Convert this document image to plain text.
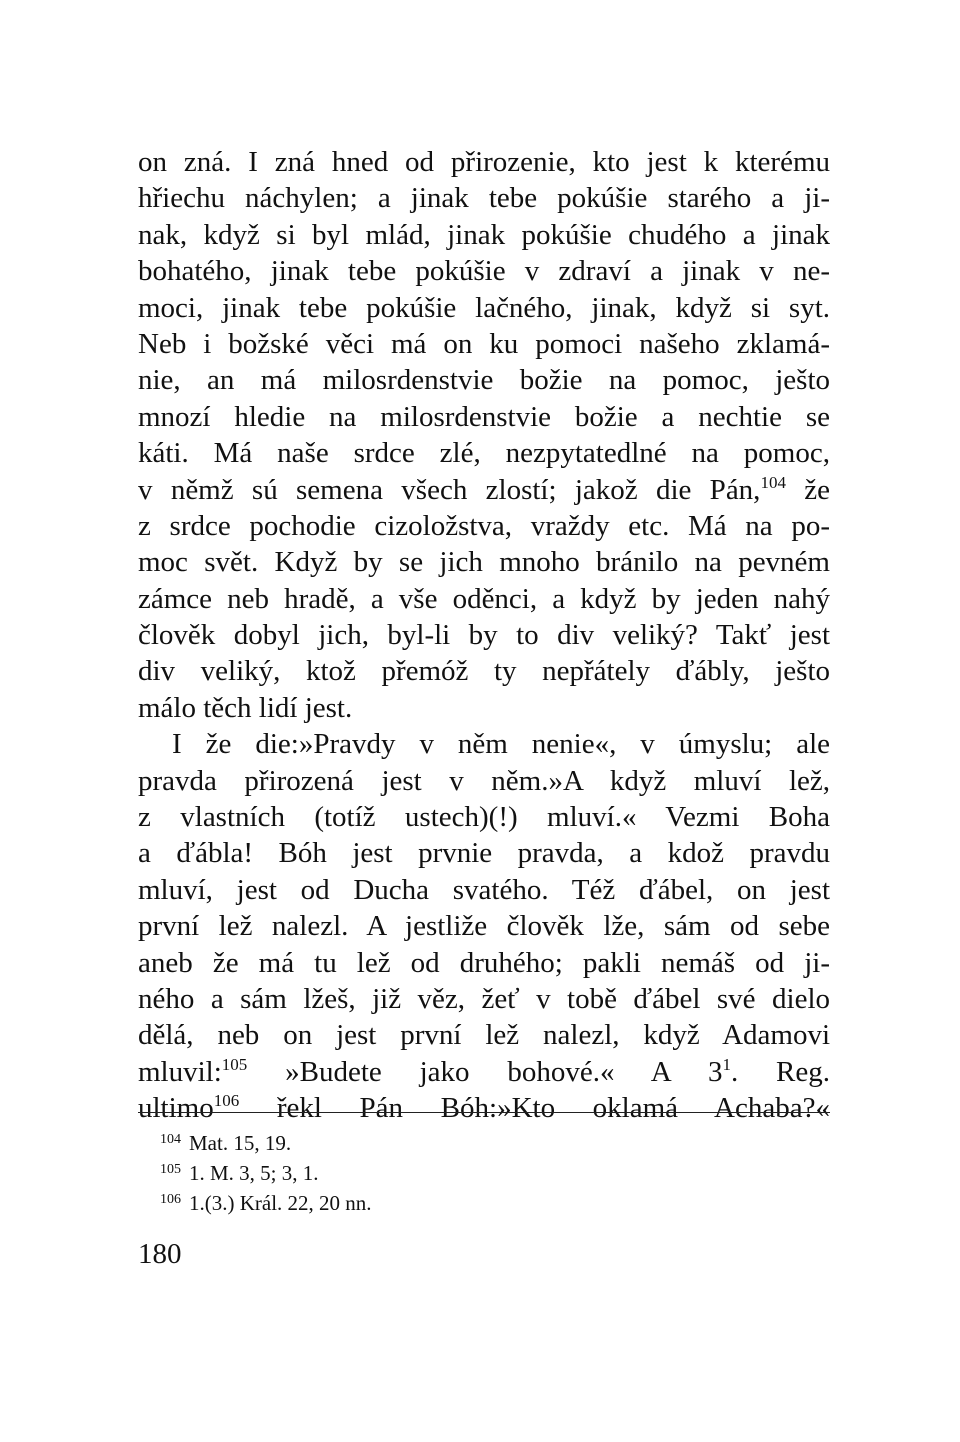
on zná. I zná hned od přirozenie, kto jest k kterému
hřiechu náchylen; a jinak tebe pokúšie starého a ji-
nak, když si byl mlád, jinak pokúšie chudého a jinak
bohatého, jinak tebe pokúšie v zdraví a jinak v ne-
moci, jinak tebe pokúšie lačného, jinak, když si syt.
Neb i božské věci má on ku pomoci našeho zklamá-
nie, an má milosrdenstvie božie na pomoc, ješto
mnozí hledie na milosrdenstvie božie a nechtie se
káti. Má naše srdce zlé, nezpytatedlné na pomoc,
v němž sú semena všech zlostí; jakož die Pán,$^{104}$ že
z srdce pochodie cizoložstva, vraždy etc. Má na po-
moc svět. Když by se jich mnoho bránilo na pevném
zámce neb hradě, a vše oděnci, a když by jeden nahý
člověk dobyl jich, byl-li by to div veliký? Takť jest
div veliký, ktož přemóž ty nepřátely ďábly, ješto
málo těch lidí jest.
I že die:»Pravdy v něm nenie«, v úmyslu; ale
pravda přirozená jest v něm.»A když mluví lež,
z vlastních (totíž ustech)(!) mluví.« Vezmi Boha
a ďábla! Bóh jest prvnie pravda, a kdož pravdu
mluví, jest od Ducha svatého. Též ďábel, on jest
první lež nalezl. A jestliže člověk lže, sám od sebe
aneb že má tu lež od druhého; pakli nemáš od ji-
ného a sám lžeš, již věz, žeť v tobě ďábel své dielo
dělá, neb on jest první lež nalezl, když Adamovi
mluvil:$^{105}$ »Budete jako bohové.« A $3^1$. Reg.
ultimo$^{106}$ řekl Pán Bóh:»Kto oklamá Achaba?«
$^{104}$ Mat. 15, 19.
$^{105}$ 1. M. 3, 5; 3, 1.
$^{106}$ 1.(3.) Král. 22, 20 nn.
180
